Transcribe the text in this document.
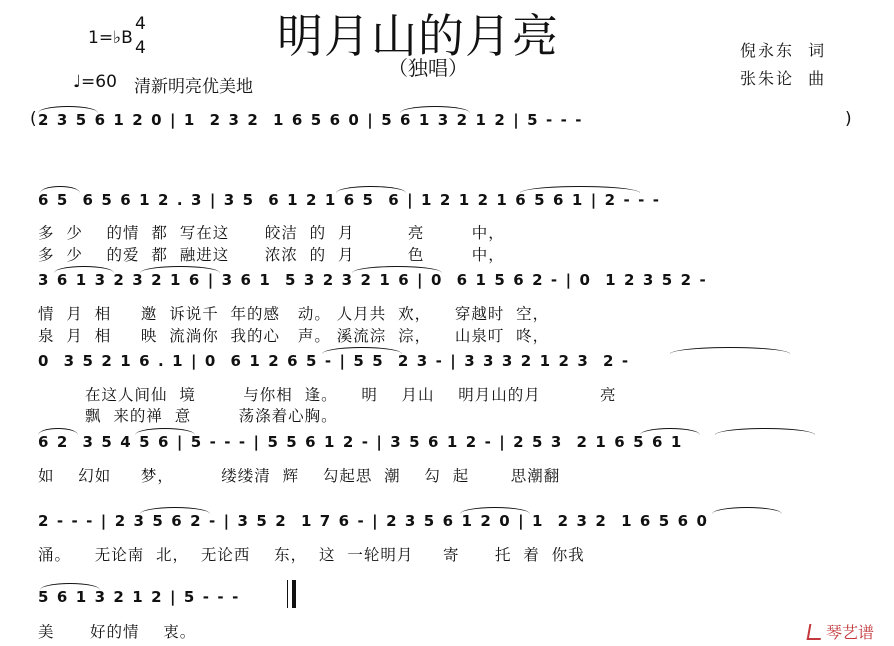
1=♭B
4
4
♩=60 清新明亮优美地
明月山的月亮
（独唱）
倪永东  词
张朱论  曲
2 3 5 6 1 2 0 | 1  2 3 2  1 6 5 6 0 | 5 6 1 3 2 1 2 | 5 - - -
(	)
6 5  6 5 6 1 2 . 3 | 3 5  6 1 2 1 6 5  6 | 1 2 1 2 1 6 5 6 1 | 2 - - -
多  少    的情  都  写在这      皎洁  的  月         亮        中，
多  少    的爱  都  融进这      浓浓  的  月         色        中，
3 6 1 3 2 3 2 1 6 | 3 6 1  5 3 2 3 2 1 6 | 0  6 1 5 6 2 - | 0  1 2 3 5 2 -
情  月  相     邀  诉说千  年的感   动。 人月共  欢，    穿越时  空，
泉  月  相     映  流淌你  我的心   声。 溪流淙  淙，    山泉叮  咚，
0  3 5 2 1 6 . 1 | 0  6 1 2 6 5 - | 5 5  2 3 - | 3 3 3 2 1 2 3  2 -
在这人间仙  境        与你相  逢。    明    月山    明月山的月          亮
飘  来的禅  意        荡涤着心胸。
6 2  3 5 4 5 6 | 5 - - - | 5 5 6 1 2 - | 3 5 6 1 2 - | 2 5 3  2 1 6 5 6 1
如    幻如     梦，        缕缕清  辉    勾起思  潮    勾  起       思潮翻
2 - - - | 2 3 5 6 2 - | 3 5 2  1 7 6 - | 2 3 5 6 1 2 0 | 1  2 3 2  1 6 5 6 0
涌。    无论南  北，  无论西    东，  这  一轮明月     寄      托  着  你我
5 6 1 3 2 1 2 | 5 - - -
美      好的情    衷。	琴艺谱
